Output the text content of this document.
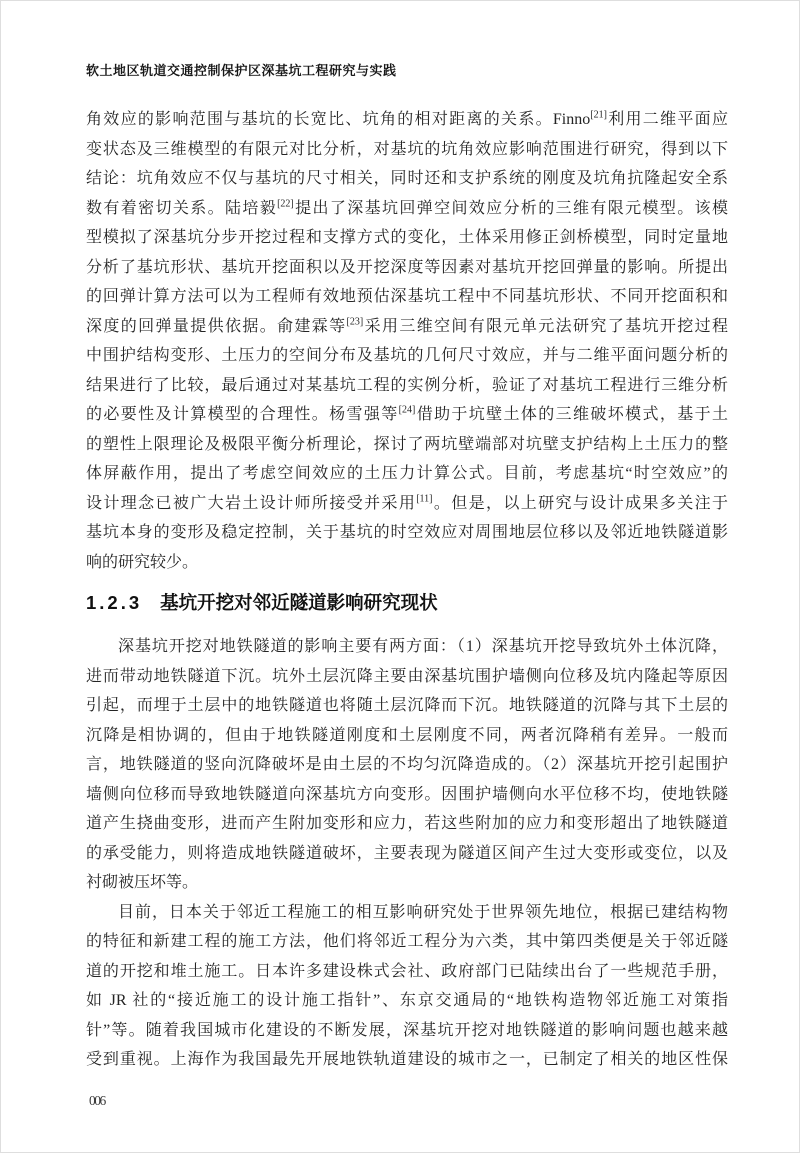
软土地区轨道交通控制保护区深基坑工程研究与实践
角效应的影响范围与基坑的长宽比、坑角的相对距离的关系。Finno[21]利用二维平面应
变状态及三维模型的有限元对比分析，对基坑的坑角效应影响范围进行研究，得到以下
结论：坑角效应不仅与基坑的尺寸相关，同时还和支护系统的刚度及坑角抗隆起安全系
数有着密切关系。陆培毅[22]提出了深基坑回弹空间效应分析的三维有限元模型。该模
型模拟了深基坑分步开挖过程和支撑方式的变化，土体采用修正剑桥模型，同时定量地
分析了基坑形状、基坑开挖面积以及开挖深度等因素对基坑开挖回弹量的影响。所提出
的回弹计算方法可以为工程师有效地预估深基坑工程中不同基坑形状、不同开挖面积和
深度的回弹量提供依据。俞建霖等[23]采用三维空间有限元单元法研究了基坑开挖过程
中围护结构变形、土压力的空间分布及基坑的几何尺寸效应，并与二维平面问题分析的
结果进行了比较，最后通过对某基坑工程的实例分析，验证了对基坑工程进行三维分析
的必要性及计算模型的合理性。杨雪强等[24]借助于坑壁土体的三维破坏模式，基于土
的塑性上限理论及极限平衡分析理论，探讨了两坑壁端部对坑壁支护结构上土压力的整
体屏蔽作用，提出了考虑空间效应的土压力计算公式。目前，考虑基坑“时空效应”的
设计理念已被广大岩土设计师所接受并采用[11]。但是，以上研究与设计成果多关注于
基坑本身的变形及稳定控制，关于基坑的时空效应对周围地层位移以及邻近地铁隧道影
响的研究较少。
1.2.3 基坑开挖对邻近隧道影响研究现状
深基坑开挖对地铁隧道的影响主要有两方面：（1）深基坑开挖导致坑外土体沉降，
进而带动地铁隧道下沉。坑外土层沉降主要由深基坑围护墙侧向位移及坑内隆起等原因
引起，而埋于土层中的地铁隧道也将随土层沉降而下沉。地铁隧道的沉降与其下土层的
沉降是相协调的，但由于地铁隧道刚度和土层刚度不同，两者沉降稍有差异。一般而
言，地铁隧道的竖向沉降破坏是由土层的不均匀沉降造成的。（2）深基坑开挖引起围护
墙侧向位移而导致地铁隧道向深基坑方向变形。因围护墙侧向水平位移不均，使地铁隧
道产生挠曲变形，进而产生附加变形和应力，若这些附加的应力和变形超出了地铁隧道
的承受能力，则将造成地铁隧道破坏，主要表现为隧道区间产生过大变形或变位，以及
衬砌被压坏等。
目前，日本关于邻近工程施工的相互影响研究处于世界领先地位，根据已建结构物
的特征和新建工程的施工方法，他们将邻近工程分为六类，其中第四类便是关于邻近隧
道的开挖和堆土施工。日本许多建设株式会社、政府部门已陆续出台了一些规范手册，
如 JR 社的“接近施工的设计施工指针”、东京交通局的“地铁构造物邻近施工对策指
针”等。随着我国城市化建设的不断发展，深基坑开挖对地铁隧道的影响问题也越来越
受到重视。上海作为我国最先开展地铁轨道建设的城市之一，已制定了相关的地区性保
006
